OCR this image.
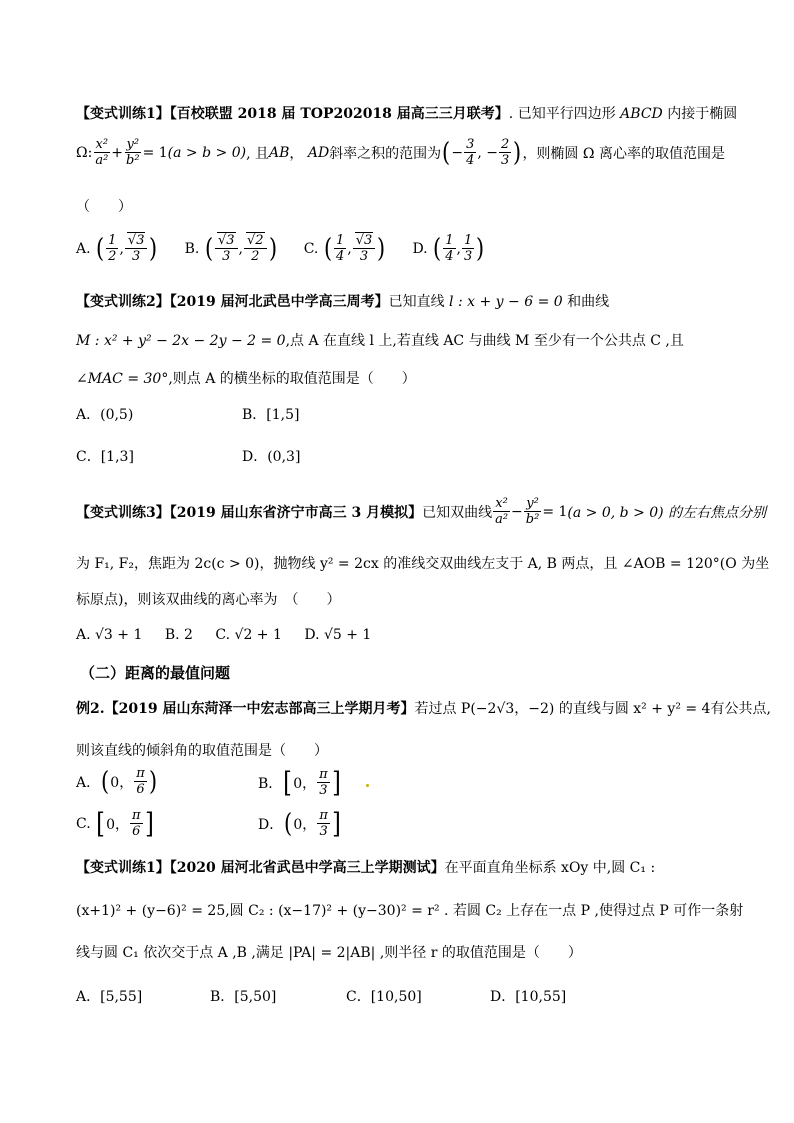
【变式训练1】【百校联盟 2018 届 TOP202018 届高三三月联考】. 已知平行四边形 ABCD 内接于椭圆
Ω: $\frac{\text{x²}}{\text{a²}} + \frac{\text{y²}}{\text{b²}} = 1$ (a > b > 0) , 且 AB ，
AD 斜率之积的范围为 ( − $\frac{3}{4}$ , − $\frac{2}{3}$ ) ，则椭圆 Ω 离心率的取值范围是
（　　）
A.
( $\frac{1}{2}$ , $\frac{√3}{3}$ ) B.
( $\frac{√3}{3}$ , $\frac{√2}{2}$ ) C.
( $\frac{1}{4}$ , $\frac{√3}{3}$ ) D.
( $\frac{1}{4}$ , $\frac{1}{3}$ )
【变式训练2】【2019 届河北武邑中学高三周考】已知直线 l : x + y − 6 = 0 和曲线
M : x² + y² − 2x − 2y − 2 = 0,点 A 在直线 l 上,若直线 AC 与曲线 M 至少有一个公共点 C ,且
∠MAC = 30°,则点 A 的横坐标的取值范围是（　　）
A．(0,5)	B．[1,5]
C．[1,3]	D．(0,3]
【变式训练3】【2019 届山东省济宁市高三 3 月模拟】 已知双曲线 $\frac{\text{x²}}{\text{a²}} - \frac{\text{y²}}{\text{b²}} = 1$ (a > 0, b > 0) 的左右焦点分别
为 F₁, F₂，焦距为 2c(c > 0)，抛物线 y² = 2cx 的准线交双曲线左支于 A, B 两点，且 ∠AOB = 120°(O 为坐
标原点)，则该双曲线的离心率为　（　　）
A. √3 + 1 B. 2 C. √2 + 1 D. √5 + 1
（二）距离的最值问题
例2.【2019 届山东菏泽一中宏志部高三上学期月考】若过点 P(−2√3，−2) 的直线与圆 x² + y² = 4有公共点,
则该直线的倾斜角的取值范围是（　　）
A． ( 0， $\frac{\pi}{6}$ )	B． [ 0， $\frac{\pi}{3}$ ]
C.
[ 0， $\frac{\pi}{6}$ ]	D． ( 0， $\frac{\pi}{3}$ ]
【变式训练1】【2020 届河北省武邑中学高三上学期测试】在平面直角坐标系 xOy 中,圆 C₁ :
(x+1)² + (y−6)² = 25,圆 C₂ : (x−17)² + (y−30)² = r² . 若圆 C₂ 上存在一点 P ,使得过点 P 可作一条射
线与圆 C₁ 依次交于点 A ,B ,满足 |PA| = 2|AB| ,则半径 r 的取值范围是（　　）
A．[5,55]	B．[5,50]	C．[10,50]	D．[10,55]
